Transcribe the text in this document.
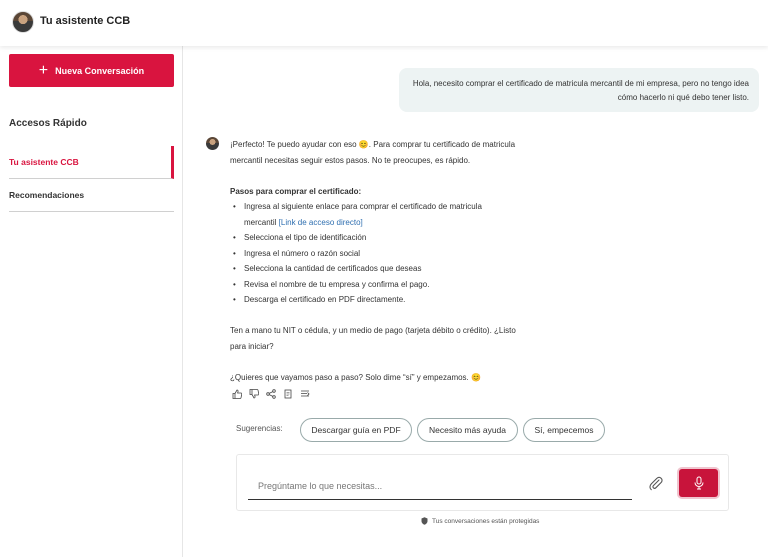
Tu asistente CCB
+ Nueva Conversación
Accesos Rápido
Tu asistente CCB
Recomendaciones
Hola, necesito comprar el certificado de matricula mercantil de mi empresa, pero no tengo idea cómo hacerlo ni qué debo tener listo.

¡Perfecto! Te puedo ayudar con eso 😊. Para comprar tu certificado de matricula

mercantil necesitas seguir estos pasos. No te preocupes, es rápido.

Pasos para comprar el certificado:

• Ingresa al siguiente enlace para comprar el certificado de matricula
mercantil [Link de acceso directo]
• Selecciona el tipo de identificación
• Ingresa el número o razón social
• Selecciona la cantidad de certificados que deseas
• Revisa el nombre de tu empresa y confirma el pago.
• Descarga el certificado en PDF directamente.

Ten a mano tu NIT o cédula, y un medio de pago (tarjeta débito o crédito). ¿Listo

para iniciar?

¿Quieres que vayamos paso a paso? Solo dime “sí” y empezamos. 😊

Sugerencias:	Descargar guía en PDF	Necesito más ayuda	Sí, empecemos
Pregúntame lo que necesitas...
Tus conversaciones están protegidas
